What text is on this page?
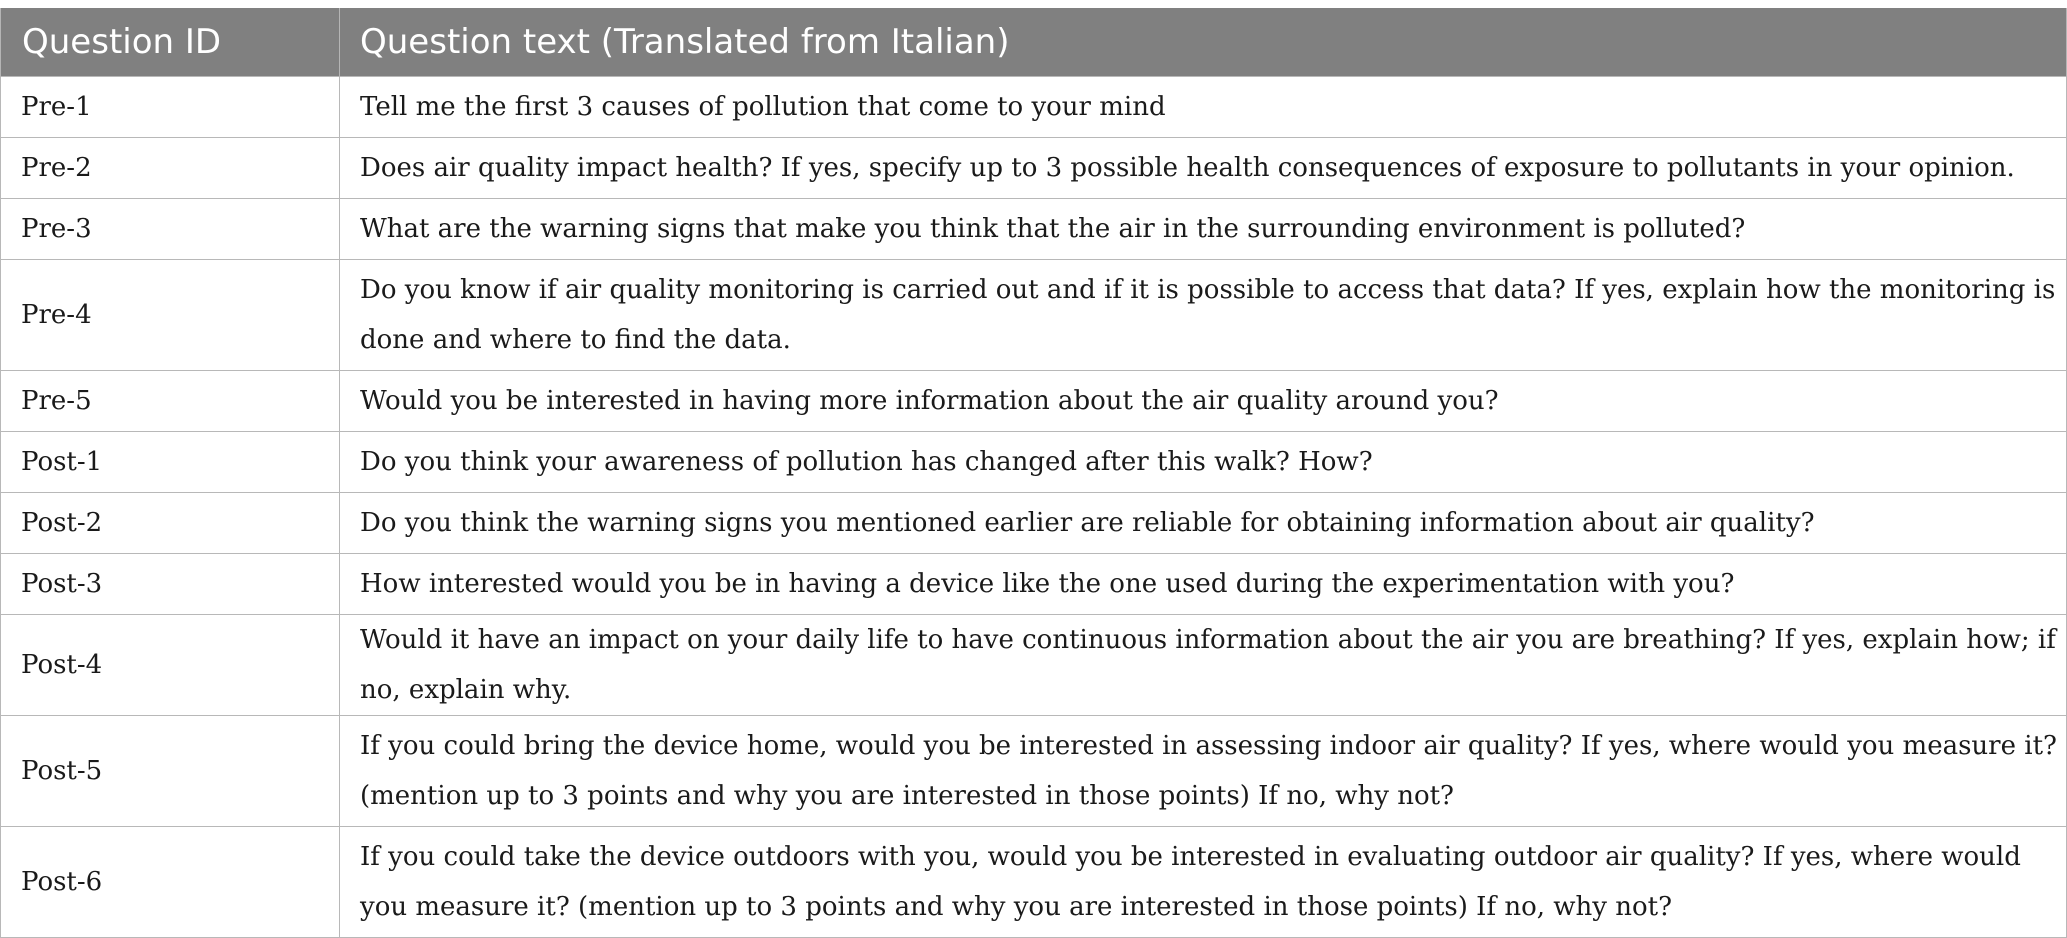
Question ID	Question text (Translated from Italian)
Pre-1	Tell me the first 3 causes of pollution that come to your mind
Pre-2	Does air quality impact health? If yes, specify up to 3 possible health consequences of exposure to pollutants in your opinion.
Pre-3	What are the warning signs that make you think that the air in the surrounding environment is polluted?
Pre-4	Do you know if air quality monitoring is carried out and if it is possible to access that data? If yes, explain how the monitoring is done and where to find the data.
Pre-5	Would you be interested in having more information about the air quality around you?
Post-1	Do you think your awareness of pollution has changed after this walk? How?
Post-2	Do you think the warning signs you mentioned earlier are reliable for obtaining information about air quality?
Post-3	How interested would you be in having a device like the one used during the experimentation with you?
Post-4	Would it have an impact on your daily life to have continuous information about the air you are breathing? If yes, explain how; if no, explain why.
Post-5	If you could bring the device home, would you be interested in assessing indoor air quality? If yes, where would you measure it? (mention up to 3 points and why you are interested in those points) If no, why not?
Post-6	If you could take the device outdoors with you, would you be interested in evaluating outdoor air quality? If yes, where would you measure it? (mention up to 3 points and why you are interested in those points) If no, why not?
